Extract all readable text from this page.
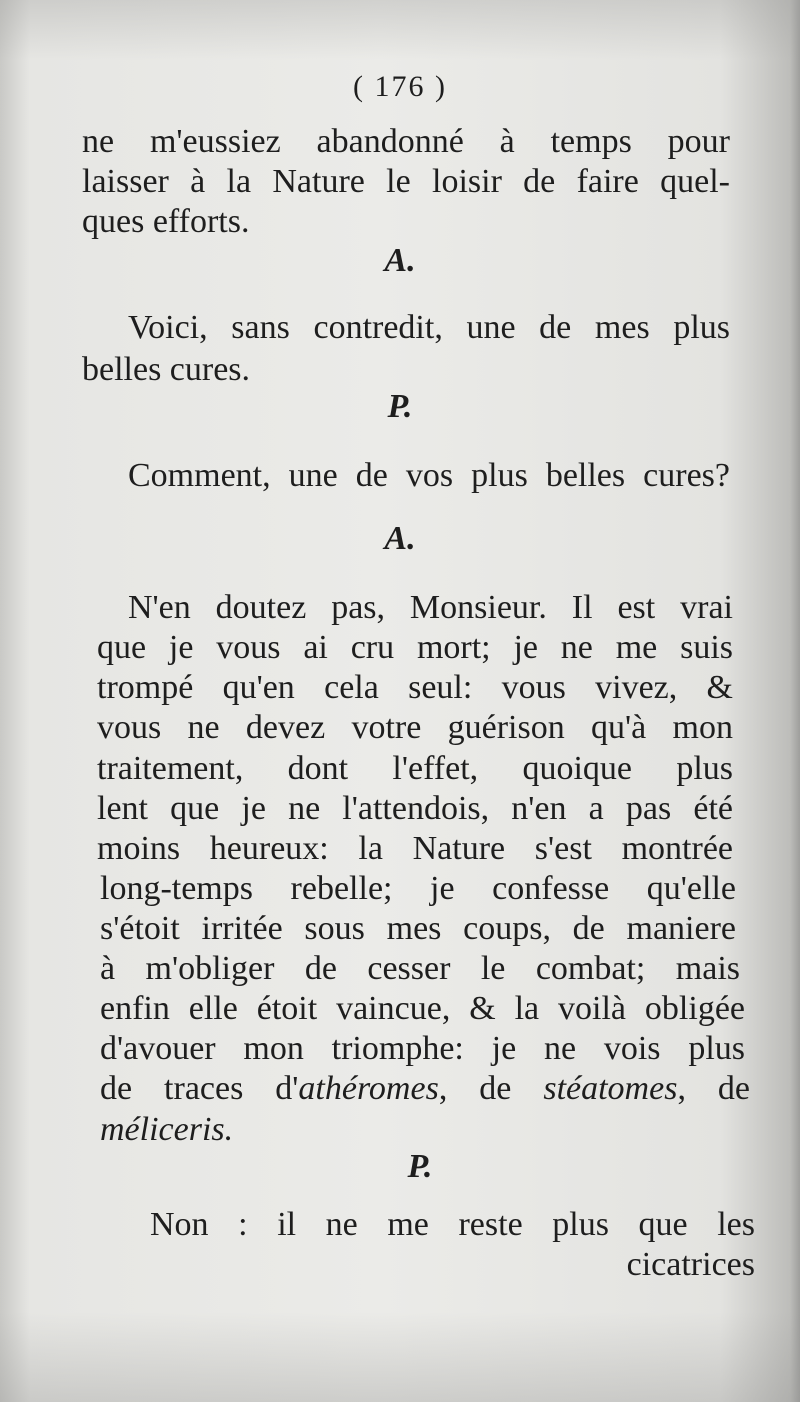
( 176 )
ne m'eussiez abandonné à temps pour
laisser à la Nature le loisir de faire quel-
ques efforts.
A.
Voici, sans contredit, une de mes plus
belles cures.
P.
Comment, une de vos plus belles cures?
A.
N'en doutez pas, Monsieur. Il est vrai
que je vous ai cru mort; je ne me suis
trompé qu'en cela seul: vous vivez, &
vous ne devez votre guérison qu'à mon
traitement, dont l'effet, quoique plus
lent que je ne l'attendois, n'en a pas été
moins heureux: la Nature s'est montrée
long-temps rebelle; je confesse qu'elle
s'étoit irritée sous mes coups, de maniere
à m'obliger de cesser le combat; mais
enfin elle étoit vaincue, & la voilà obligée
d'avouer mon triomphe: je ne vois plus
de traces d'athéromes, de stéatomes, de
méliceris.
P.
Non : il ne me reste plus que les
cicatrices
